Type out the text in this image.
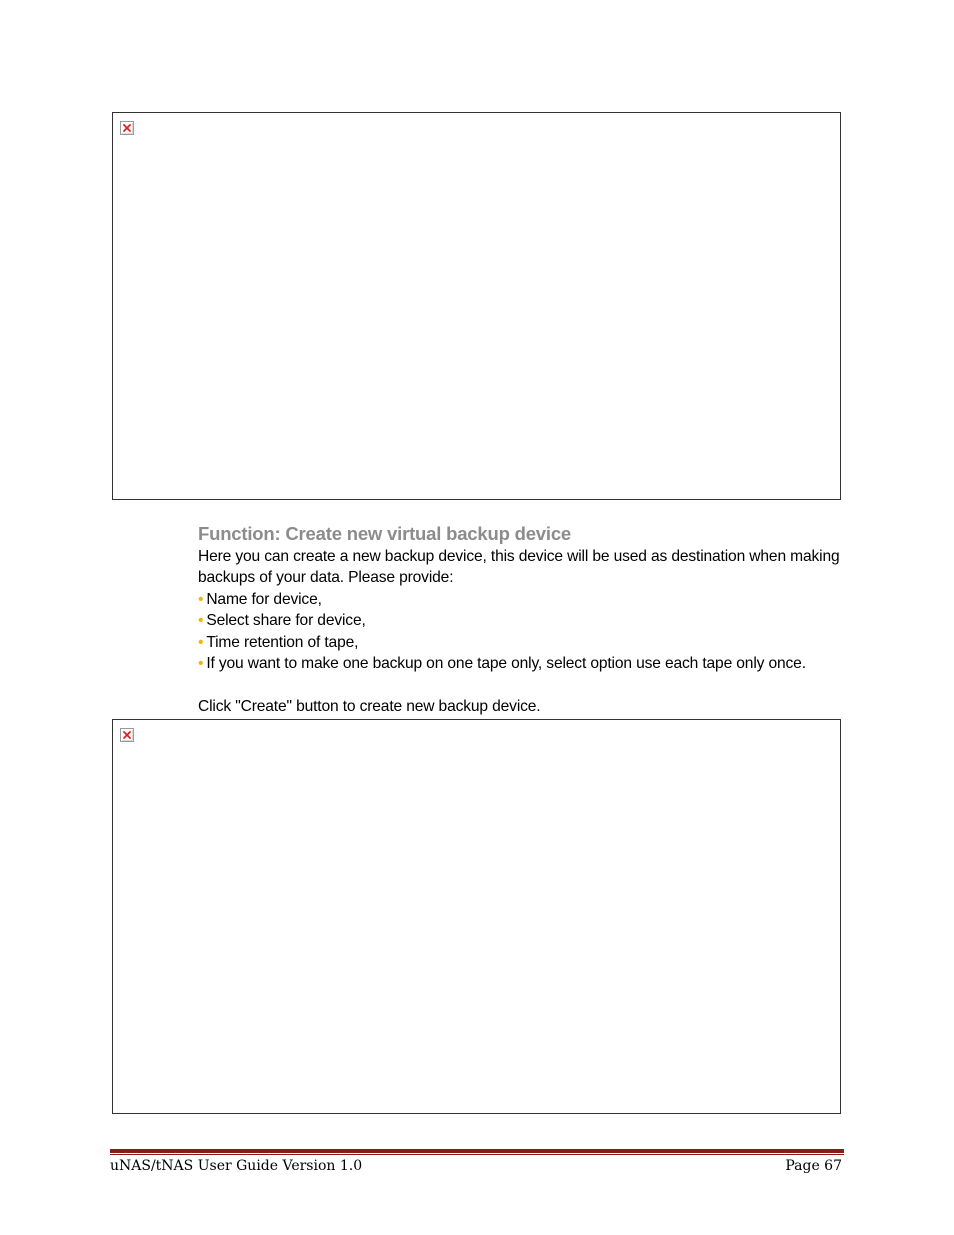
Function: Create new virtual backup device

Here you can create a new backup device, this device will be used as destination when making backups of your data. Please provide:

• Name for device,
• Select share for device,
• Time retention of tape,
• If you want to make one backup on one tape only, select option use each tape only once.

Click "Create" button to create new backup device.

uNAS/tNAS User Guide Version 1.0	Page 67
